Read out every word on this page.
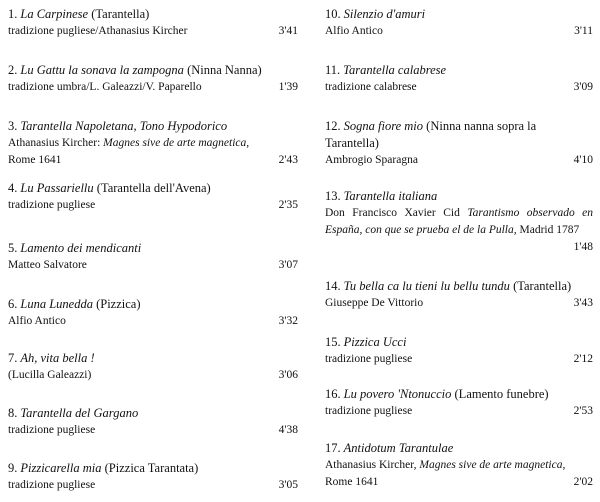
1. La Carpinese (Tarantella)
tradizione pugliese/Athanasius Kircher	3'41
2. Lu Gattu la sonava la zampogna (Ninna Nanna)
tradizione umbra/L. Galeazzi/V. Paparello	1'39
3. Tarantella Napoletana, Tono Hypodorico
Athanasius Kircher: Magnes sive de arte magnetica,
Rome 1641	2'43
4. Lu Passariellu (Tarantella dell'Avena)
tradizione pugliese	2'35
5. Lamento dei mendicanti
Matteo Salvatore	3'07
6. Luna Lunedda (Pizzica)
Alfio Antico	3'32
7. Ah, vita bella !
(Lucilla Galeazzi)	3'06
8. Tarantella del Gargano
tradizione pugliese	4'38
9. Pizzicarella mia (Pizzica Tarantata)
tradizione pugliese	3'05
10. Silenzio d'amuri
Alfio Antico	3'11
11. Tarantella calabrese
tradizione calabrese	3'09
12. Sogna fiore mio (Ninna nanna sopra la Tarantella)
Ambrogio Sparagna	4'10
13. Tarantella italiana
Don Francisco Xavier Cid Tarantismo observado en España, con que se prueba el de la Pulla, Madrid 1787
1'48
14. Tu bella ca lu tieni lu bellu tundu (Tarantella)
Giuseppe De Vittorio	3'43
15. Pizzica Ucci
tradizione pugliese	2'12
16. Lu povero 'Ntonuccio (Lamento funebre)
tradizione pugliese	2'53
17. Antidotum Tarantulae
Athanasius Kircher, Magnes sive de arte magnetica,
Rome 1641	2'02
